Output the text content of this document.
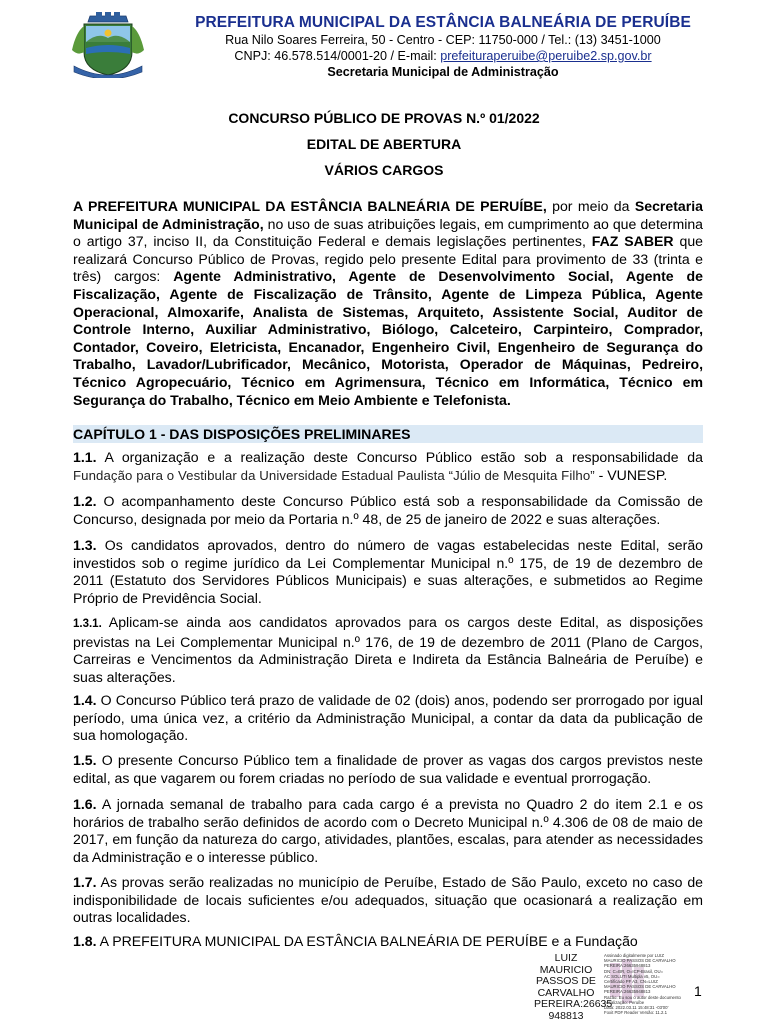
PREFEITURA MUNICIPAL DA ESTÂNCIA BALNEÁRIA DE PERUÍBE
Rua Nilo Soares Ferreira, 50 - Centro - CEP: 11750-000 / Tel.: (13) 3451-1000
CNPJ: 46.578.514/0001-20 / E-mail: prefeituraperuibe@peruibe2.sp.gov.br
Secretaria Municipal de Administração
CONCURSO PÚBLICO DE PROVAS N.º 01/2022
EDITAL DE ABERTURA
VÁRIOS CARGOS

A PREFEITURA MUNICIPAL DA ESTÂNCIA BALNEÁRIA DE PERUÍBE, por meio da Secretaria Municipal de Administração, no uso de suas atribuições legais, em cumprimento ao que determina o artigo 37, inciso II, da Constituição Federal e demais legislações pertinentes, FAZ SABER que realizará Concurso Público de Provas, regido pelo presente Edital para provimento de 33 (trinta e três) cargos: Agente Administrativo, Agente de Desenvolvimento Social, Agente de Fiscalização, Agente de Fiscalização de Trânsito, Agente de Limpeza Pública, Agente Operacional, Almoxarife, Analista de Sistemas, Arquiteto, Assistente Social, Auditor de Controle Interno, Auxiliar Administrativo, Biólogo, Calceteiro, Carpinteiro, Comprador, Contador, Coveiro, Eletricista, Encanador, Engenheiro Civil, Engenheiro de Segurança do Trabalho, Lavador/Lubrificador, Mecânico, Motorista, Operador de Máquinas, Pedreiro, Técnico Agropecuário, Técnico em Agrimensura, Técnico em Informática, Técnico em Segurança do Trabalho, Técnico em Meio Ambiente e Telefonista.

CAPÍTULO 1 - DAS DISPOSIÇÕES PRELIMINARES

1.1. A organização e a realização deste Concurso Público estão sob a responsabilidade da Fundação para o Vestibular da Universidade Estadual Paulista “Júlio de Mesquita Filho” - VUNESP.

1.2. O acompanhamento deste Concurso Público está sob a responsabilidade da Comissão de Concurso, designada por meio da Portaria n.º 48, de 25 de janeiro de 2022 e suas alterações.

1.3. Os candidatos aprovados, dentro do número de vagas estabelecidas neste Edital, serão investidos sob o regime jurídico da Lei Complementar Municipal n.º 175, de 19 de dezembro de 2011 (Estatuto dos Servidores Públicos Municipais) e suas alterações, e submetidos ao Regime Próprio de Previdência Social.

1.3.1. Aplicam-se ainda aos candidatos aprovados para os cargos deste Edital, as disposições previstas na Lei Complementar Municipal n.º 176, de 19 de dezembro de 2011 (Plano de Cargos, Carreiras e Vencimentos da Administração Direta e Indireta da Estância Balneária de Peruíbe) e suas alterações.

1.4. O Concurso Público terá prazo de validade de 02 (dois) anos, podendo ser prorrogado por igual período, uma única vez, a critério da Administração Municipal, a contar da data da publicação de sua homologação.

1.5. O presente Concurso Público tem a finalidade de prover as vagas dos cargos previstos neste edital, as que vagarem ou forem criadas no período de sua validade e eventual prorrogação.

1.6. A jornada semanal de trabalho para cada cargo é a prevista no Quadro 2 do item 2.1 e os horários de trabalho serão definidos de acordo com o Decreto Municipal n.º 4.306 de 08 de maio de 2017, em função da natureza do cargo, atividades, plantões, escalas, para atender as necessidades da Administração e o interesse público.

1.7. As provas serão realizadas no município de Peruíbe, Estado de São Paulo, exceto no caso de indisponibilidade de locais suficientes e/ou adequados, situação que ocasionará a realização em outras localidades.

1.8. A PREFEITURA MUNICIPAL DA ESTÂNCIA BALNEÁRIA DE PERUÍBE e a Fundação

LUIZ MAURICIO
PASSOS DE
CARVALHO
PEREIRA:26635
948813
Assinado digitalmente por LUIZ
MAURICIO PASSOS DE CARVALHO
PEREIRA:26635948813
DN: C=BR, O=ICP-Brasil, OU=
AC SOLUTI Multipla v5, OU=
Certificado PF A3, CN=LUIZ
MAURICIO PASSOS DE CARVALHO
PEREIRA:26635948813
Razão: Eu sou o autor deste documento
Localização: Peruíbe
Data: 2022.03.11 15:48:31 -03'00'
Foxit PDF Reader Versão: 11.2.1
1
